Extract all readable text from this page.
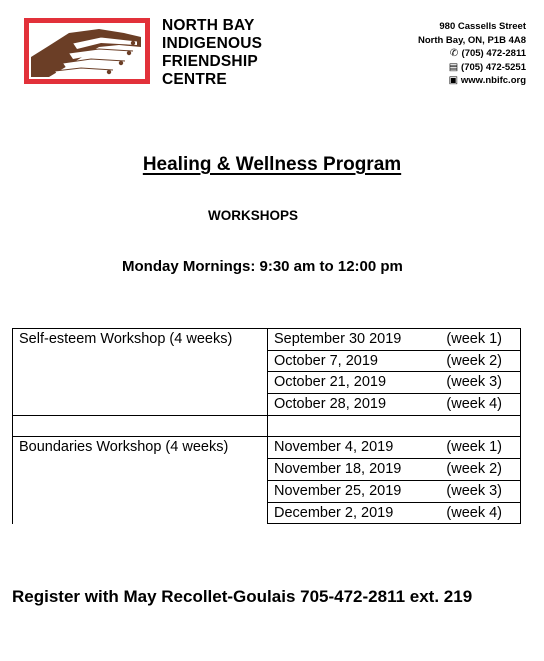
NORTH BAY
INDIGENOUS
FRIENDSHIP
CENTRE
980 Cassells Street
North Bay, ON, P1B 4A8
✆ (705) 472-2811
▤ (705) 472-5251
▣ www.nbifc.org
Healing & Wellness Program
WORKSHOPS
Monday Mornings: 9:30 am to 12:00 pm
Self-esteem Workshop (4 weeks)	September 30 2019 (week 1)

	October 7, 2019 (week 2)

	October 21, 2019 (week 3)

	October 28, 2019 (week 4)

Boundaries Workshop (4 weeks)	November 4, 2019 (week 1)

	November 18, 2019 (week 2)

	November 25, 2019 (week 3)

	December 2, 2019 (week 4)
Register with May Recollet-Goulais 705-472-2811 ext. 219
